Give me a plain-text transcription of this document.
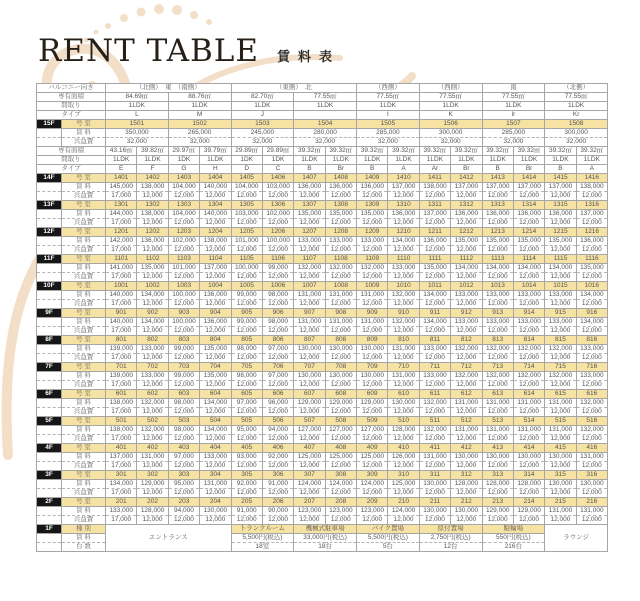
RENT TABLE 賃料表
バルコニー向き		（北側）　東　（南側）				（東側）　北				（西側）		（西側）		南		（北側）	
専有面積		84.69㎡		88.76㎡		82.70㎡		77.55㎡		77.55㎡		77.55㎡		77.55㎡		77.55㎡	
間取り		1LDK		1LDK		1LDK		1LDK		1LDK		1LDK		1LDK		1LDK	
タイプ		L		M		J				I		K		Ir		Kr	
15F	号 室	1501		1502		1503		1504		1505		1506		1507		1508	
	賃 料	350,000		265,000		245,000		280,000		285,000		300,000		285,000		300,000	
	共益費	32,000		32,000		32,000		32,000		32,000		32,000		32,000		32,000	
専有面積		43.16㎡	39.82㎡	29.97㎡	39.79㎡	29.89㎡	29.89㎡	39.32㎡	39.32㎡	39.32㎡	39.32㎡	39.32㎡	39.32㎡	39.32㎡	39.32㎡	39.32㎡	39.32㎡
間取り		1LDK	1LDK	1DK	1LDK	1DK	1DK	1LDK	1LDK	1LDK	1LDK	1LDK	1LDK	1LDK	1LDK	1LDK	1LDK
タイプ		E	F	G	H	D	C	B	Br	B	A	Ar	Br	B	Br	B	A
14F	号 室	1401	1402	1403	1404	1405	1406	1407	1408	1409	1410	1411	1412	1413	1414	1415	1416
	賃 料	145,000	138,000	104,000	140,000	104,000	103,000	136,000	136,000	136,000	137,000	138,000	137,000	137,000	137,000	137,000	138,000
	共益費	17,000	12,000	12,000	12,000	12,000	12,000	12,000	12,000	12,000	12,000	12,000	12,000	12,000	12,000	12,000	12,000
13F	号 室	1301	1302	1303	1304	1305	1306	1307	1308	1309	1310	1311	1312	1313	1314	1315	1316
	賃 料	144,000	138,000	104,000	140,000	103,000	102,000	135,000	135,000	135,000	136,000	137,000	136,000	136,000	136,000	136,000	137,000
	共益費	17,000	12,000	12,000	12,000	12,000	12,000	12,000	12,000	12,000	12,000	12,000	12,000	12,000	12,000	12,000	12,000
12F	号 室	1201	1202	1203	1204	1205	1206	1207	1208	1209	1210	1211	1212	1213	1214	1215	1216
	賃 料	142,000	136,000	102,000	138,000	101,000	100,000	133,000	133,000	133,000	134,000	136,000	135,000	135,000	135,000	135,000	136,000
	共益費	17,000	12,000	12,000	12,000	12,000	12,000	12,000	12,000	12,000	12,000	12,000	12,000	12,000	12,000	12,000	12,000
11F	号 室	1101	1102	1103	1104	1105	1106	1107	1108	1109	1110	1111	1112	1113	1114	1115	1116
	賃 料	141,000	135,000	101,000	137,000	100,000	99,000	132,000	132,000	132,000	133,000	135,000	134,000	134,000	134,000	134,000	135,000
	共益費	17,000	12,000	12,000	12,000	12,000	12,000	12,000	12,000	12,000	12,000	12,000	12,000	12,000	12,000	12,000	12,000
10F	号 室	1001	1002	1003	1004	1005	1006	1007	1008	1009	1010	1011	1012	1013	1014	1015	1016
	賃 料	140,000	134,000	100,000	136,000	99,000	98,000	131,000	131,000	131,000	132,000	134,000	133,000	133,000	133,000	133,000	134,000
	共益費	17,000	12,000	12,000	12,000	12,000	12,000	12,000	12,000	12,000	12,000	12,000	12,000	12,000	12,000	12,000	12,000
9F	号 室	901	902	903	904	905	906	907	908	909	910	911	912	913	914	915	916
	賃 料	140,000	134,000	100,000	136,000	99,000	98,000	131,000	131,000	131,000	132,000	134,000	133,000	133,000	133,000	133,000	134,000
	共益費	17,000	12,000	12,000	12,000	12,000	12,000	12,000	12,000	12,000	12,000	12,000	12,000	12,000	12,000	12,000	12,000
8F	号 室	801	802	803	804	805	806	807	808	809	810	811	812	813	814	815	816
	賃 料	139,000	133,000	99,000	135,000	98,000	97,000	130,000	130,000	130,000	131,000	133,000	132,000	132,000	132,000	132,000	133,000
	共益費	17,000	12,000	12,000	12,000	12,000	12,000	12,000	12,000	12,000	12,000	12,000	12,000	12,000	12,000	12,000	12,000
7F	号 室	701	702	703	704	705	706	707	708	709	710	711	712	713	714	715	716
	賃 料	139,000	133,000	99,000	135,000	98,000	97,000	130,000	130,000	130,000	131,000	133,000	132,000	132,000	132,000	132,000	133,000
	共益費	17,000	12,000	12,000	12,000	12,000	12,000	12,000	12,000	12,000	12,000	12,000	12,000	12,000	12,000	12,000	12,000
6F	号 室	601	602	603	604	605	606	607	608	609	610	611	612	613	614	615	616
	賃 料	138,000	132,000	98,000	134,000	97,000	96,000	129,000	129,000	129,000	130,000	132,000	131,000	131,000	131,000	131,000	132,000
	共益費	17,000	12,000	12,000	12,000	12,000	12,000	12,000	12,000	12,000	12,000	12,000	12,000	12,000	12,000	12,000	12,000
5F	号 室	501	502	503	504	505	506	507	508	509	510	511	512	513	514	515	516
	賃 料	138,000	132,000	98,000	134,000	95,000	94,000	127,000	127,000	127,000	128,000	132,000	131,000	131,000	131,000	131,000	132,000
	共益費	17,000	12,000	12,000	12,000	12,000	12,000	12,000	12,000	12,000	12,000	12,000	12,000	12,000	12,000	12,000	12,000
4F	号 室	401	402	403	404	405	406	407	408	409	410	411	412	413	414	415	416
	賃 料	137,000	131,000	97,000	133,000	93,000	92,000	125,000	125,000	125,000	126,000	131,000	130,000	130,000	130,000	130,000	131,000
	共益費	17,000	12,000	12,000	12,000	12,000	12,000	12,000	12,000	12,000	12,000	12,000	12,000	12,000	12,000	12,000	12,000
3F	号 室	301	302	303	304	305	306	307	308	309	310	311	312	313	314	315	316
	賃 料	134,000	129,000	95,000	131,000	92,000	91,000	124,000	124,000	124,000	125,000	130,000	128,000	128,000	128,000	130,000	130,000
	共益費	17,000	12,000	12,000	12,000	12,000	12,000	12,000	12,000	12,000	12,000	12,000	12,000	12,000	12,000	12,000	12,000
2F	号 室	201	202	203	204	205	206	207	208	209	210	211	212	213	214	215	216
	賃 料	133,000	128,000	94,000	130,000	91,000	90,000	123,000	123,000	123,000	124,000	130,000	130,000	129,000	129,000	131,000	131,000
	共益費	17,000	12,000	12,000	12,000	12,000	12,000	12,000	12,000	12,000	12,000	12,000	12,000	12,000	12,000	12,000	12,000
1F	種 別	エントランス				トランクルーム		機械式駐車場		バイク置場		原付置場		駐輪場		ラウンジ	
	賃 料					5,500円(税込)		33,000円(税込)		5,500円(税込)		2,750円(税込)		550円(税込)			
	台 数					18室		18台		5台		12台		216台			
